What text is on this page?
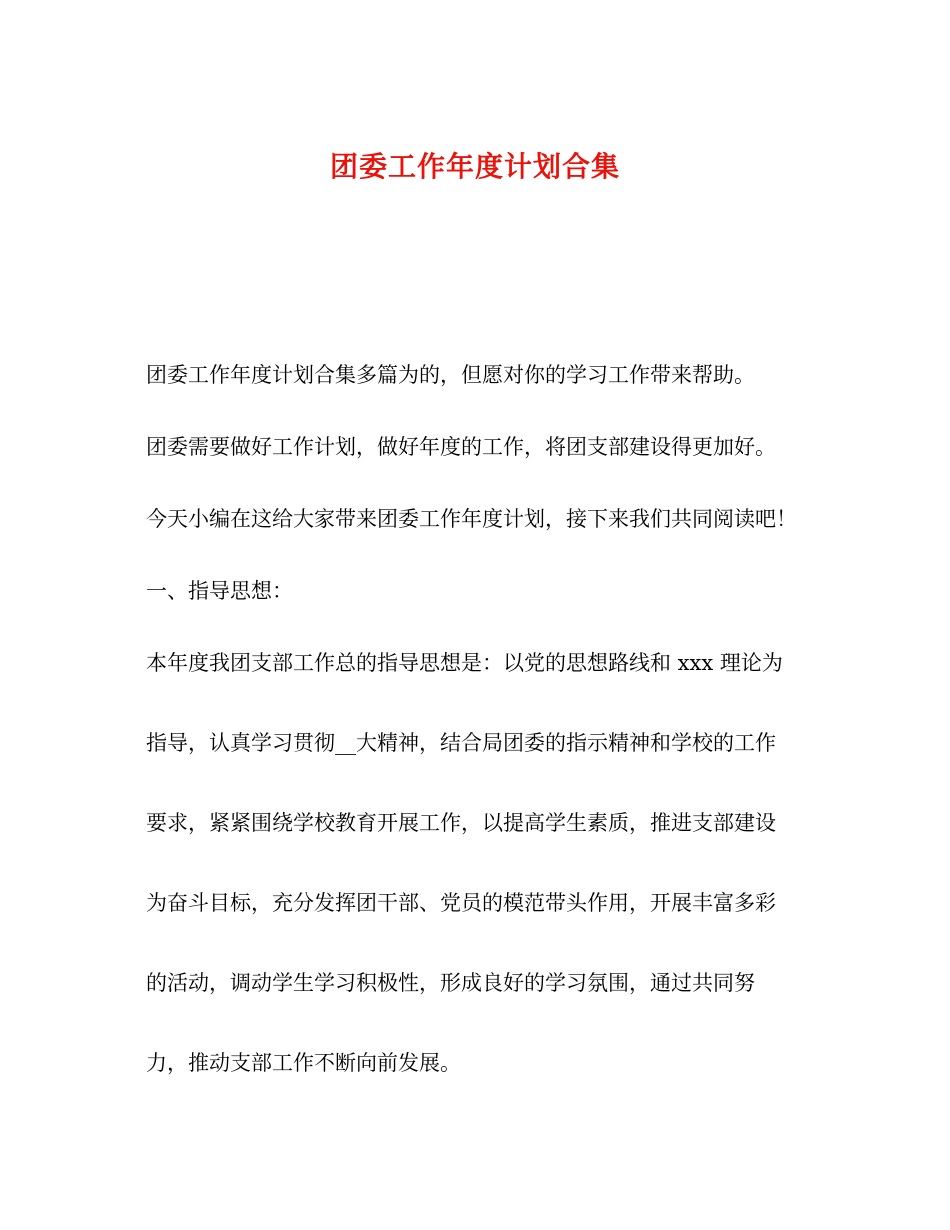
团委工作年度计划合集

团委工作年度计划合集多篇为的，但愿对你的学习工作带来帮助。

团委需要做好工作计划，做好年度的工作，将团支部建设得更加好。

今天小编在这给大家带来团委工作年度计划，接下来我们共同阅读吧！

一、指导思想：

本年度我团支部工作总的指导思想是：以党的思想路线和 xxx 理论为

指导，认真学习贯彻__大精神，结合局团委的指示精神和学校的工作

要求，紧紧围绕学校教育开展工作，以提高学生素质，推进支部建设

为奋斗目标，充分发挥团干部、党员的模范带头作用，开展丰富多彩

的活动，调动学生学习积极性，形成良好的学习氛围，通过共同努

力，推动支部工作不断向前发展。
